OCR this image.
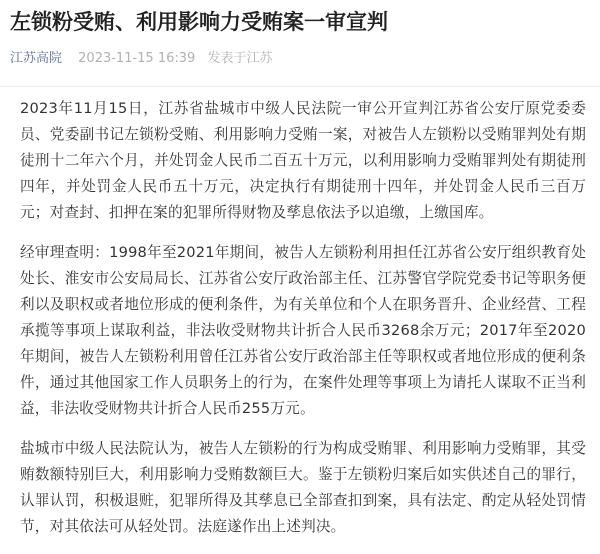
左锁粉受贿、利用影响力受贿案一审宣判
江苏高院 2023-11-15 16:39 发表于江苏

2023年11月15日，江苏省盐城市中级人民法院一审公开宣判江苏省公安厅原党委委员、党委副书记左锁粉受贿、利用影响力受贿一案，对被告人左锁粉以受贿罪判处有期徒刑十二年六个月，并处罚金人民币二百五十万元，以利用影响力受贿罪判处有期徒刑四年，并处罚金人民币五十万元，决定执行有期徒刑十四年，并处罚金人民币三百万元；对查封、扣押在案的犯罪所得财物及孳息依法予以追缴，上缴国库。

经审理查明：1998年至2021年期间，被告人左锁粉利用担任江苏省公安厅组织教育处处长、淮安市公安局局长、江苏省公安厅政治部主任、江苏警官学院党委书记等职务便利以及职权或者地位形成的便利条件，为有关单位和个人在职务晋升、企业经营、工程承揽等事项上谋取利益，非法收受财物共计折合人民币3268余万元；2017年至2020年期间，被告人左锁粉利用曾任江苏省公安厅政治部主任等职权或者地位形成的便利条件，通过其他国家工作人员职务上的行为，在案件处理等事项上为请托人谋取不正当利益，非法收受财物共计折合人民币255万元。

盐城市中级人民法院认为，被告人左锁粉的行为构成受贿罪、利用影响力受贿罪，其受贿数额特别巨大，利用影响力受贿数额巨大。鉴于左锁粉归案后如实供述自己的罪行，认罪认罚，积极退赃，犯罪所得及其孳息已全部查扣到案，具有法定、酌定从轻处罚情节，对其依法可从轻处罚。法庭遂作出上述判决。
